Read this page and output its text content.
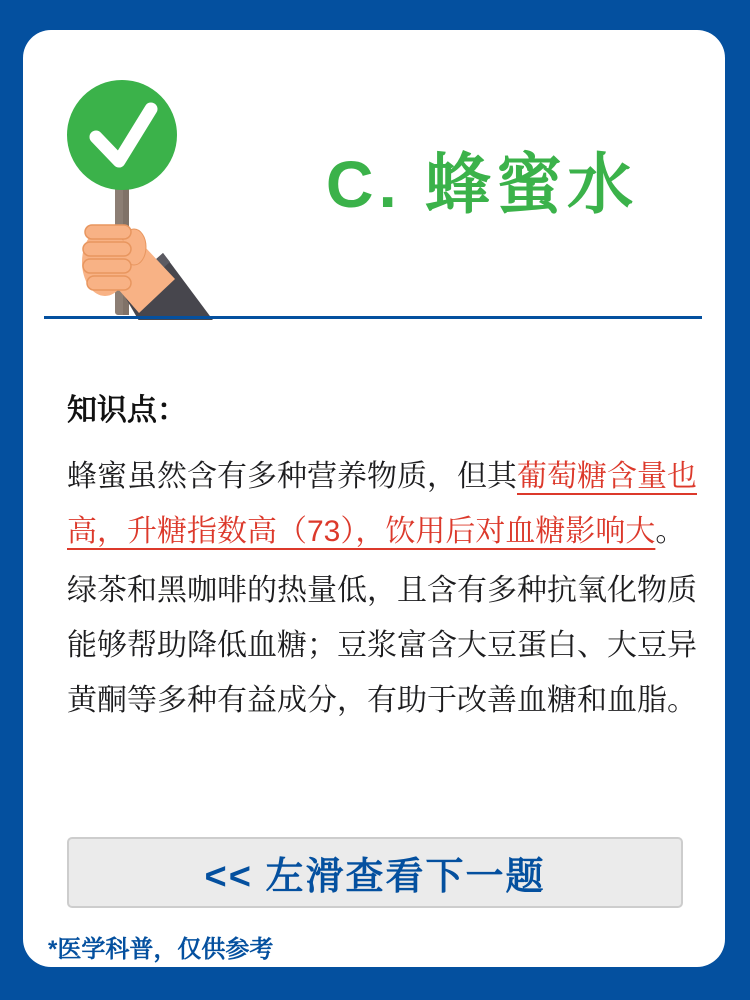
C. 蜂蜜水
知识点：

蜂蜜虽然含有多种营养物质，但其葡萄糖含量也高，升糖指数高（73），饮用后对血糖影响大。

绿茶和黑咖啡的热量低，且含有多种抗氧化物质能够帮助降低血糖；豆浆富含大豆蛋白、大豆异黄酮等多种有益成分，有助于改善血糖和血脂。

<< 左滑查看下一题
*医学科普，仅供参考
